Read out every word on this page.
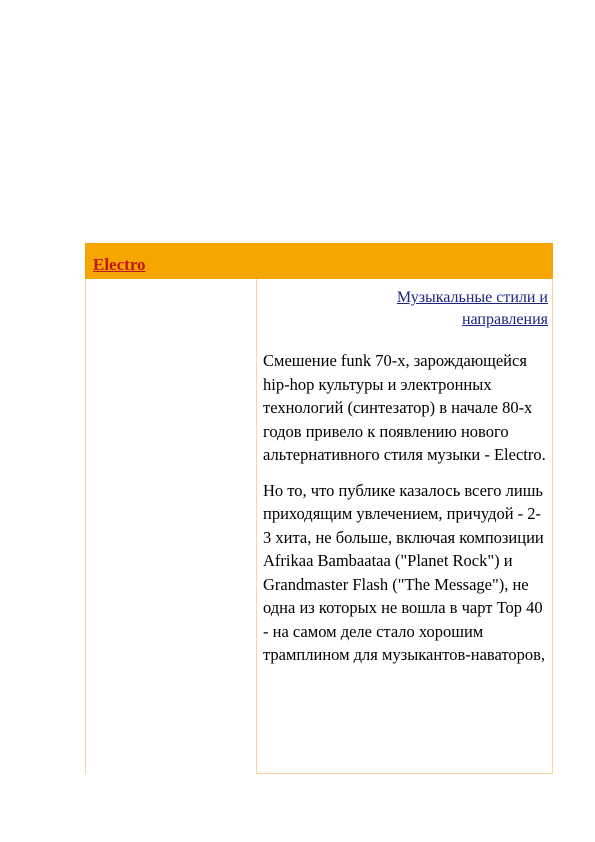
Electro
Музыкальные стили и направления

Смешение funk 70-х, зарождающейся hip-hop культуры и электронных технологий (синтезатор) в начале 80-х годов привело к появлению нового альтернативного стиля музыки - Electro.

Но то, что публике казалось всего лишь приходящим увлечением, причудой - 2-3 хита, не больше, включая композиции Afrikaa Bambaataa ("Planet Rock") и Grandmaster Flash ("The Message"), не одна из которых не вошла в чарт Top 40 - на самом деле стало хорошим трамплином для музыкантов-наваторов,
